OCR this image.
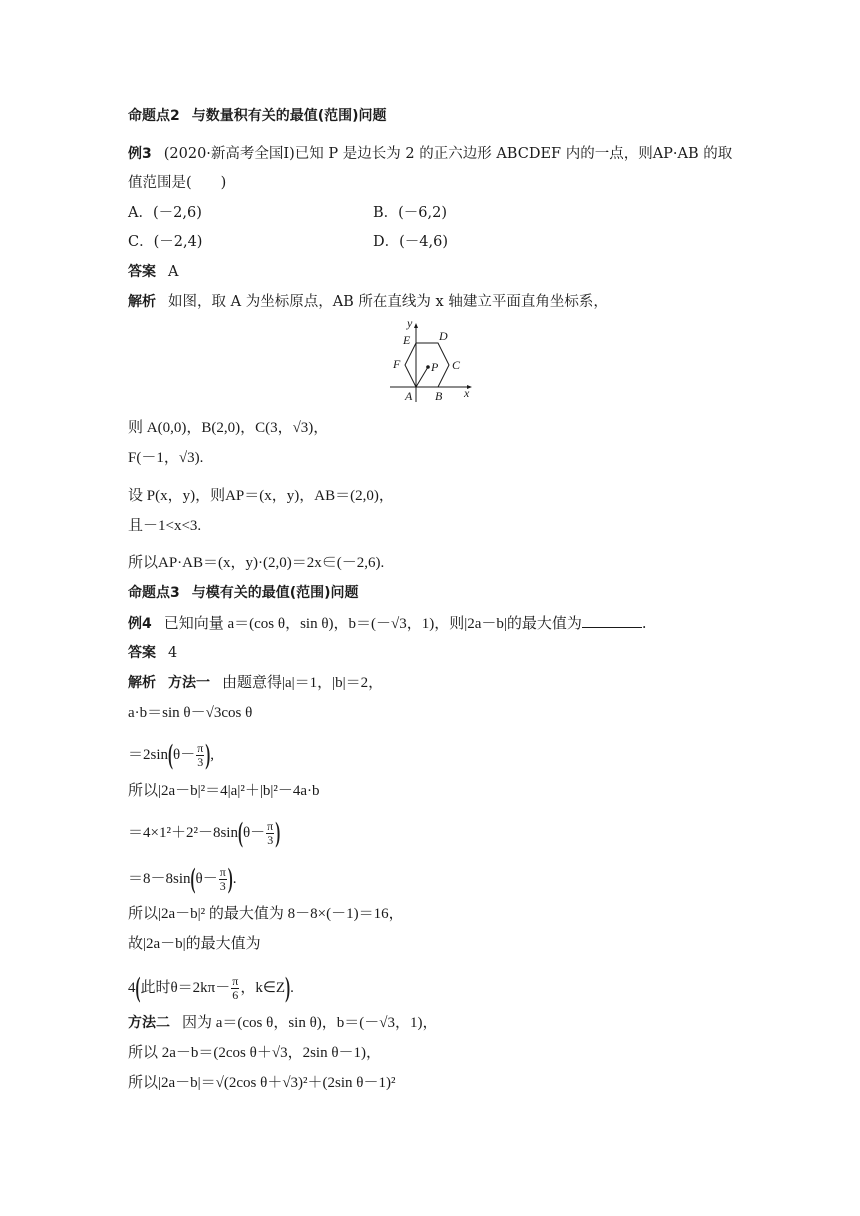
命题点2 与数量积有关的最值(范围)问题
例3 (2020·新高考全国Ⅰ)已知 P 是边长为 2 的正六边形 ABCDEF 内的一点，则AP·AB 的取
值范围是(　　)
A．(－2,6)	B．(－6,2)
C．(－2,4)	D．(－4,6)
答案 A
解析 如图，取 A 为坐标原点，AB 所在直线为 x 轴建立平面直角坐标系，
y
x
A B
C
D
E
F	P
则 A(0,0)，B(2,0)，C(3，√3)，
F(－1，√3).
设 P(x，y)，则AP＝(x，y)，AB＝(2,0)，
且－1<x<3.
所以AP·AB＝(x，y)·(2,0)＝2x∈(－2,6).
命题点3 与模有关的最值(范围)问题
例4 已知向量 a＝(cos θ，sin θ)，b＝(－√3，1)，则|2a－b|的最大值为	.
答案 4
解析 方法一 由题意得|a|＝1，|b|＝2，
a·b＝sin θ－√3cos θ
$=2\sin(\theta- \frac{\pi}{3}$ ),
所以|2a－b|²＝4|a|²＋|b|²－4a·b
$=4\times 1^2+2^2-8\sin(\theta- \frac{\pi}{3}$ )
$=8-8\sin(\theta- \frac{\pi}{3}$ ).
所以|2a－b|² 的最大值为 8－8×(－1)＝16，
故|2a－b|的最大值为
4(此时$\theta=2k\pi- \frac{\pi}{6}$ ，k∈Z).
方法二 因为 a＝(cos θ，sin θ)，b＝(－√3，1)，
所以 2a－b＝(2cos θ＋√3，2sin θ－1)，
所以|2a－b|＝√(2cos θ＋√3)²＋(2sin θ－1)²
